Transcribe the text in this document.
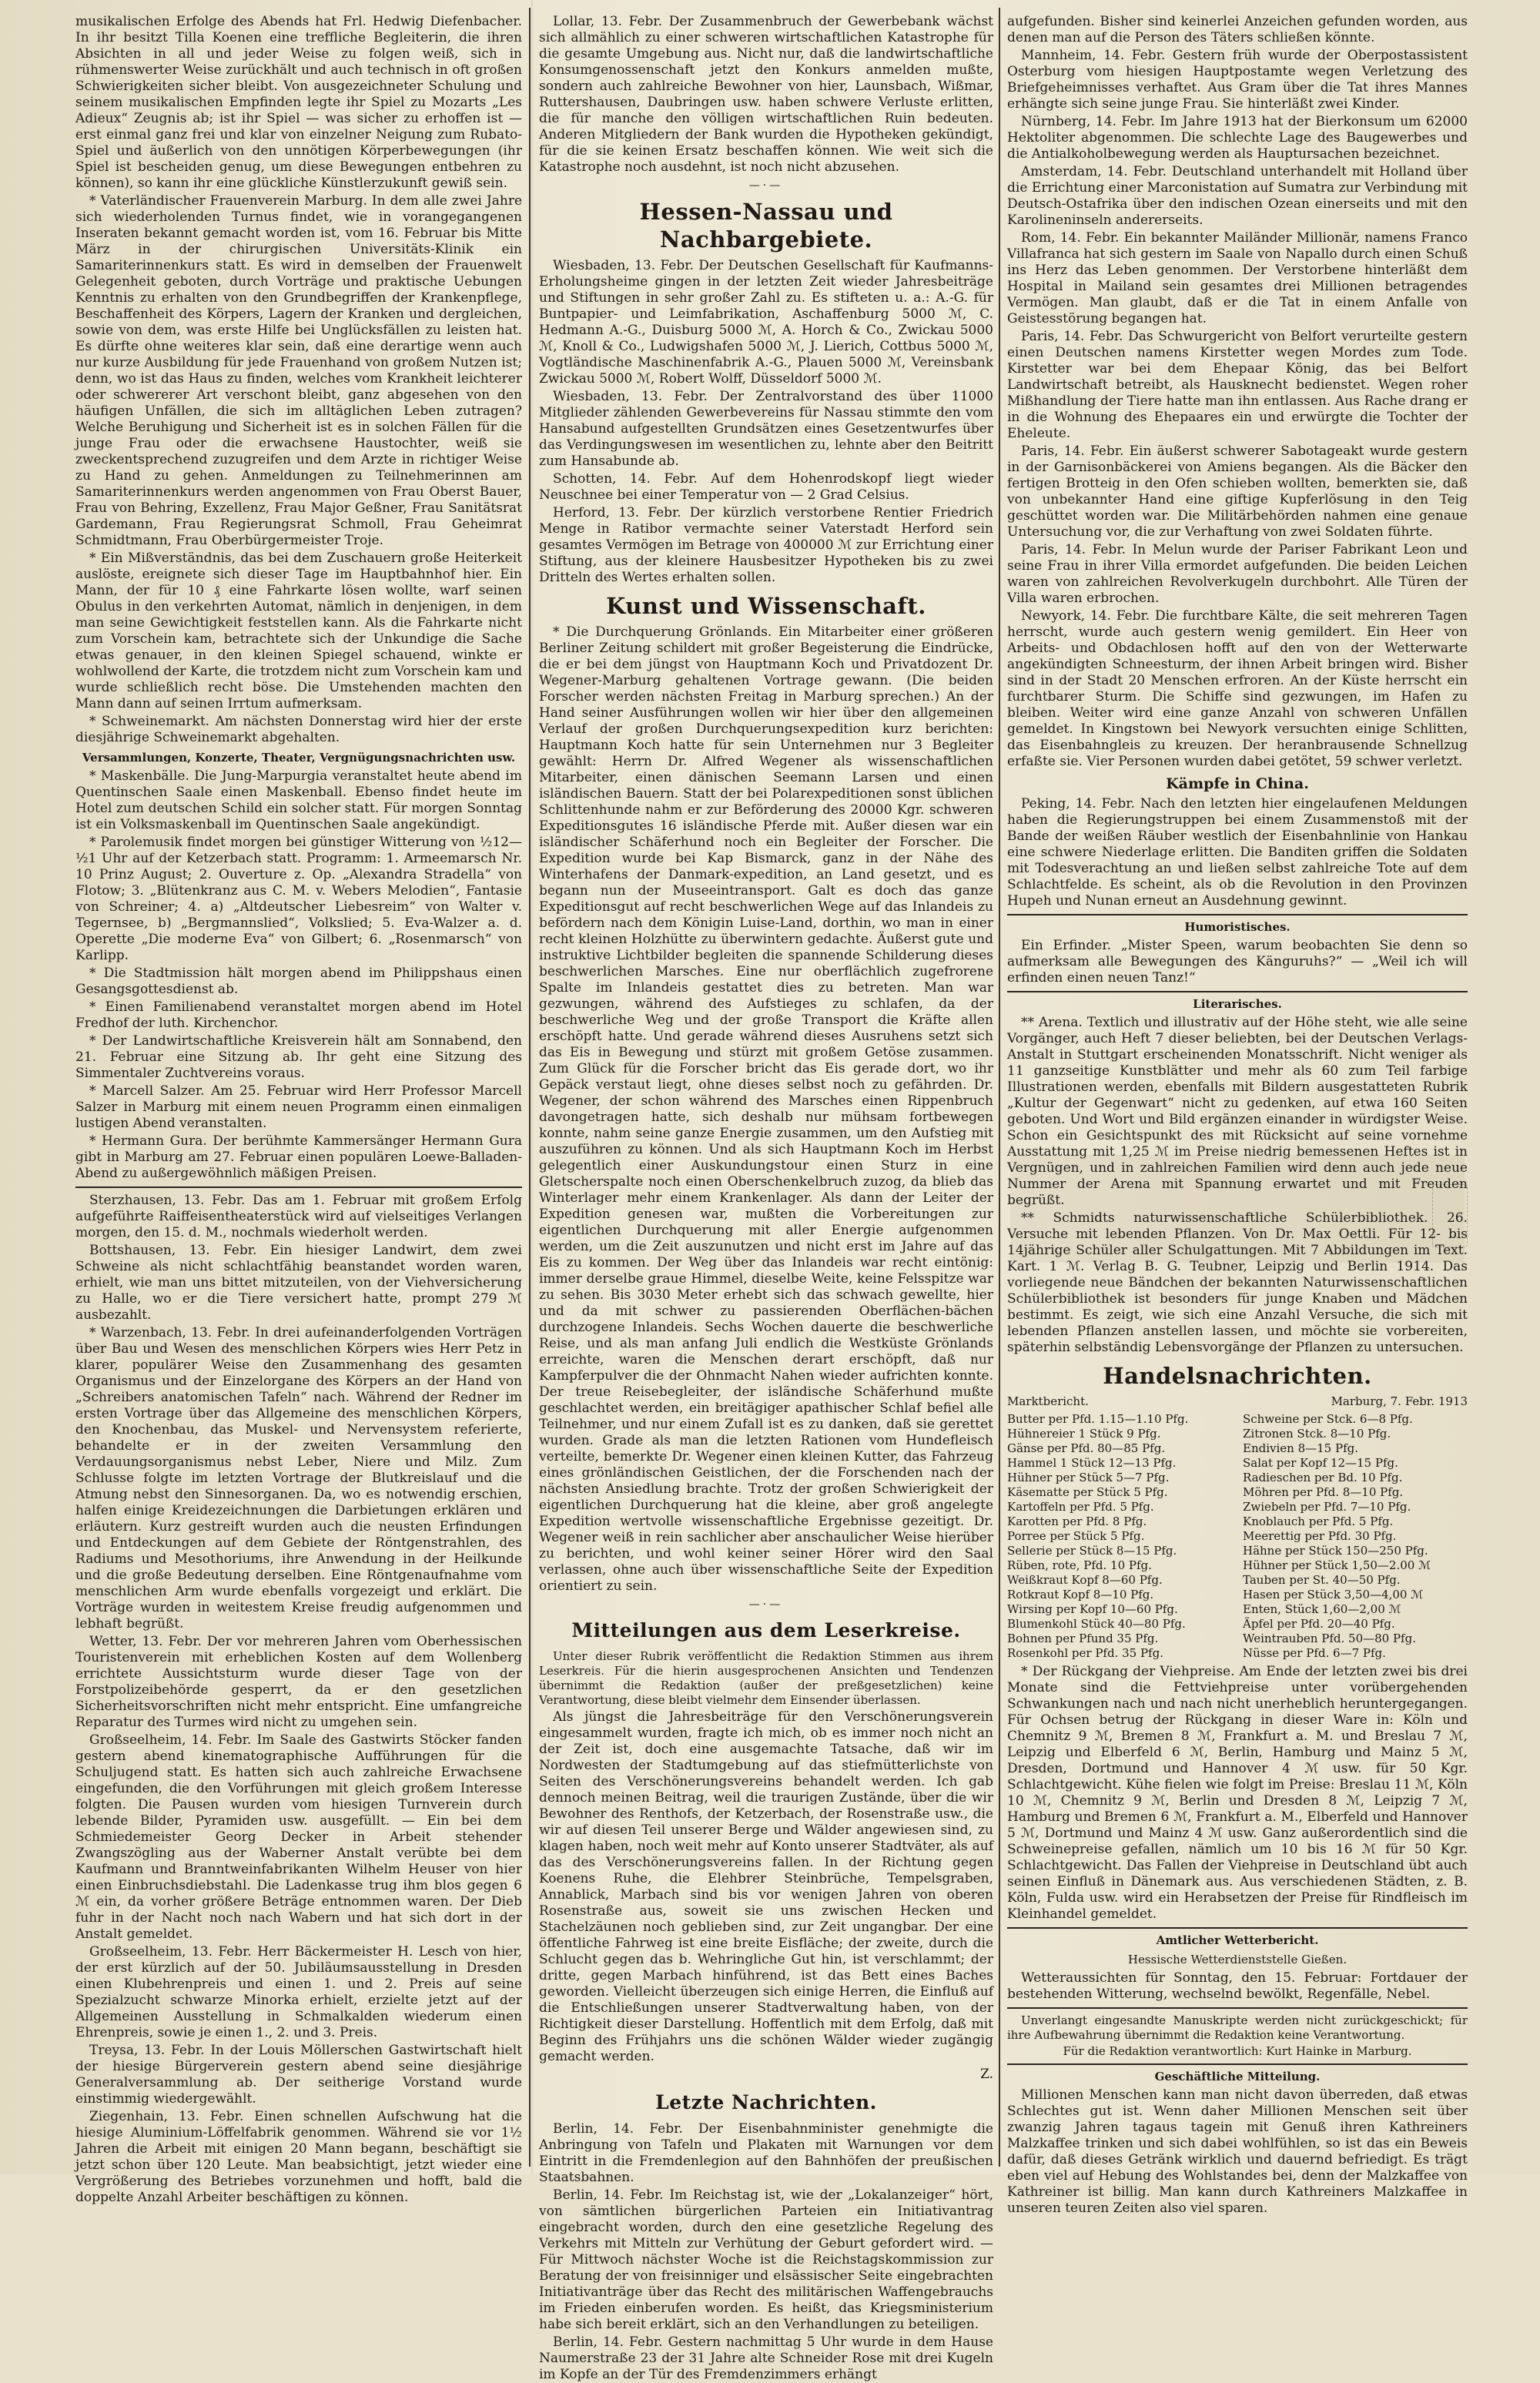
musikalischen Erfolge des Abends hat Frl. Hedwig Diefenbacher. In ihr besitzt Tilla Koenen eine treffliche Begleiterin, die ihren Absichten in all und jeder Weise zu folgen weiß, sich in rühmenswerter Weise zurückhält und auch technisch in oft großen Schwierigkeiten sicher bleibt. Von ausgezeichneter Schulung und seinem musikalischen Empfinden legte ihr Spiel zu Mozarts „Les Adieux“ Zeugnis ab; ist ihr Spiel — was sicher zu erhoffen ist — erst einmal ganz frei und klar von einzelner Neigung zum Rubato-Spiel und äußerlich von den unnötigen Körperbewegungen (ihr Spiel ist bescheiden genug, um diese Bewegungen entbehren zu können), so kann ihr eine glückliche Künstlerzukunft gewiß sein.

* Vaterländischer Frauenverein Marburg. In dem alle zwei Jahre sich wiederholenden Turnus findet, wie in vorangegangenen Inseraten bekannt gemacht worden ist, vom 16. Februar bis Mitte März in der chirurgischen Universitäts-Klinik ein Samariterinnenkurs statt. Es wird in demselben der Frauenwelt Gelegenheit geboten, durch Vorträge und praktische Uebungen Kenntnis zu erhalten von den Grundbegriffen der Krankenpflege, Beschaffenheit des Körpers, Lagern der Kranken und dergleichen, sowie von dem, was erste Hilfe bei Unglücksfällen zu leisten hat. Es dürfte ohne weiteres klar sein, daß eine derartige wenn auch nur kurze Ausbildung für jede Frauenhand von großem Nutzen ist; denn, wo ist das Haus zu finden, welches vom Krankheit leichterer oder schwererer Art verschont bleibt, ganz abgesehen von den häufigen Unfällen, die sich im alltäglichen Leben zutragen? Welche Beruhigung und Sicherheit ist es in solchen Fällen für die junge Frau oder die erwachsene Haustochter, weiß sie zweckentsprechend zuzugreifen und dem Arzte in richtiger Weise zu Hand zu gehen. Anmeldungen zu Teilnehmerinnen am Samariterinnenkurs werden angenommen von Frau Oberst Bauer, Frau von Behring, Exzellenz, Frau Major Geßner, Frau Sanitätsrat Gardemann, Frau Regierungsrat Schmoll, Frau Geheimrat Schmidtmann, Frau Oberbürgermeister Troje.

* Ein Mißverständnis, das bei dem Zuschauern große Heiterkeit auslöste, ereignete sich dieser Tage im Hauptbahnhof hier. Ein Mann, der für 10 ₰ eine Fahrkarte lösen wollte, warf seinen Obulus in den verkehrten Automat, nämlich in denjenigen, in dem man seine Gewichtigkeit feststellen kann. Als die Fahrkarte nicht zum Vorschein kam, betrachtete sich der Unkundige die Sache etwas genauer, in den kleinen Spiegel schauend, winkte er wohlwollend der Karte, die trotzdem nicht zum Vorschein kam und wurde schließlich recht böse. Die Umstehenden machten den Mann dann auf seinen Irrtum aufmerksam.

* Schweinemarkt. Am nächsten Donnerstag wird hier der erste diesjährige Schweinemarkt abgehalten.

Versammlungen, Konzerte, Theater, Vergnügungsnachrichten usw.

* Maskenbälle. Die Jung-Marpurgia veranstaltet heute abend im Quentinschen Saale einen Maskenball. Ebenso findet heute im Hotel zum deutschen Schild ein solcher statt. Für morgen Sonntag ist ein Volksmaskenball im Quentinschen Saale angekündigt.

* Parolemusik findet morgen bei günstiger Witterung von ½12—½1 Uhr auf der Ketzerbach statt. Programm: 1. Armeemarsch Nr. 10 Prinz August; 2. Ouverture z. Op. „Alexandra Stradella“ von Flotow; 3. „Blütenkranz aus C. M. v. Webers Melodien“, Fantasie von Schreiner; 4. a) „Altdeutscher Liebesreim“ von Walter v. Tegernsee, b) „Bergmannslied“, Volkslied; 5. Eva-Walzer a. d. Operette „Die moderne Eva“ von Gilbert; 6. „Rosenmarsch“ von Karlipp.

* Die Stadtmission hält morgen abend im Philippshaus einen Gesangsgottesdienst ab.

* Einen Familienabend veranstaltet morgen abend im Hotel Fredhof der luth. Kirchenchor.

* Der Landwirtschaftliche Kreisverein hält am Sonnabend, den 21. Februar eine Sitzung ab. Ihr geht eine Sitzung des Simmentaler Zuchtvereins voraus.

* Marcell Salzer. Am 25. Februar wird Herr Professor Marcell Salzer in Marburg mit einem neuen Programm einen einmaligen lustigen Abend veranstalten.

* Hermann Gura. Der berühmte Kammersänger Hermann Gura gibt in Marburg am 27. Februar einen populären Loewe-Balladen-Abend zu außergewöhnlich mäßigen Preisen.

Sterzhausen, 13. Febr. Das am 1. Februar mit großem Erfolg aufgeführte Raiffeisentheaterstück wird auf vielseitiges Verlangen morgen, den 15. d. M., nochmals wiederholt werden.

Bottshausen, 13. Febr. Ein hiesiger Landwirt, dem zwei Schweine als nicht schlachtfähig beanstandet worden waren, erhielt, wie man uns bittet mitzuteilen, von der Viehversicherung zu Halle, wo er die Tiere versichert hatte, prompt 279 ℳ ausbezahlt.

* Warzenbach, 13. Febr. In drei aufeinanderfolgenden Vorträgen über Bau und Wesen des menschlichen Körpers wies Herr Petz in klarer, populärer Weise den Zusammenhang des gesamten Organismus und der Einzelorgane des Körpers an der Hand von „Schreibers anatomischen Tafeln“ nach. Während der Redner im ersten Vortrage über das Allgemeine des menschlichen Körpers, den Knochenbau, das Muskel- und Nervensystem referierte, behandelte er in der zweiten Versammlung den Verdauungsorganismus nebst Leber, Niere und Milz. Zum Schlusse folgte im letzten Vortrage der Blutkreislauf und die Atmung nebst den Sinnesorganen. Da, wo es notwendig erschien, halfen einige Kreidezeichnungen die Darbietungen erklären und erläutern. Kurz gestreift wurden auch die neusten Erfindungen und Entdeckungen auf dem Gebiete der Röntgenstrahlen, des Radiums und Mesothoriums, ihre Anwendung in der Heilkunde und die große Bedeutung derselben. Eine Röntgenaufnahme vom menschlichen Arm wurde ebenfalls vorgezeigt und erklärt. Die Vorträge wurden in weitestem Kreise freudig aufgenommen und lebhaft begrüßt.

Wetter, 13. Febr. Der vor mehreren Jahren vom Oberhessischen Touristenverein mit erheblichen Kosten auf dem Wollenberg errichtete Aussichtsturm wurde dieser Tage von der Forstpolizeibehörde gesperrt, da er den gesetzlichen Sicherheitsvorschriften nicht mehr entspricht. Eine umfangreiche Reparatur des Turmes wird nicht zu umgehen sein.

Großseelheim, 14. Febr. Im Saale des Gastwirts Stöcker fanden gestern abend kinematographische Aufführungen für die Schuljugend statt. Es hatten sich auch zahlreiche Erwachsene eingefunden, die den Vorführungen mit gleich großem Interesse folgten. Die Pausen wurden vom hiesigen Turnverein durch lebende Bilder, Pyramiden usw. ausgefüllt. — Ein bei dem Schmiedemeister Georg Decker in Arbeit stehender Zwangszögling aus der Waberner Anstalt verübte bei dem Kaufmann und Branntweinfabrikanten Wilhelm Heuser von hier einen Einbruchsdiebstahl. Die Ladenkasse trug ihm blos gegen 6 ℳ ein, da vorher größere Beträge entnommen waren. Der Dieb fuhr in der Nacht noch nach Wabern und hat sich dort in der Anstalt gemeldet.

Großseelheim, 13. Febr. Herr Bäckermeister H. Lesch von hier, der erst kürzlich auf der 50. Jubiläumsausstellung in Dresden einen Klubehrenpreis und einen 1. und 2. Preis auf seine Spezialzucht schwarze Minorka erhielt, erzielte jetzt auf der Allgemeinen Ausstellung in Schmalkalden wiederum einen Ehrenpreis, sowie je einen 1., 2. und 3. Preis.

Treysa, 13. Febr. In der Louis Möllerschen Gastwirtschaft hielt der hiesige Bürgerverein gestern abend seine diesjährige Generalversammlung ab. Der seitherige Vorstand wurde einstimmig wiedergewählt.

Ziegenhain, 13. Febr. Einen schnellen Aufschwung hat die hiesige Aluminium-Löffelfabrik genommen. Während sie vor 1½ Jahren die Arbeit mit einigen 20 Mann begann, beschäftigt sie jetzt schon über 120 Leute. Man beabsichtigt, jetzt wieder eine Vergrößerung des Betriebes vorzunehmen und hofft, bald die doppelte Anzahl Arbeiter beschäftigen zu können.

Lollar, 13. Febr. Der Zusammenbruch der Gewerbebank wächst sich allmählich zu einer schweren wirtschaftlichen Katastrophe für die gesamte Umgebung aus. Nicht nur, daß die landwirtschaftliche Konsumgenossenschaft jetzt den Konkurs anmelden mußte, sondern auch zahlreiche Bewohner von hier, Launsbach, Wißmar, Ruttershausen, Daubringen usw. haben schwere Verluste erlitten, die für manche den völligen wirtschaftlichen Ruin bedeuten. Anderen Mitgliedern der Bank wurden die Hypotheken gekündigt, für die sie keinen Ersatz beschaffen können. Wie weit sich die Katastrophe noch ausdehnt, ist noch nicht abzusehen.

—·—
Hessen-Nassau und Nachbargebiete.

Wiesbaden, 13. Febr. Der Deutschen Gesellschaft für Kaufmanns-Erholungsheime gingen in der letzten Zeit wieder Jahresbeiträge und Stiftungen in sehr großer Zahl zu. Es stifteten u. a.: A.-G. für Buntpapier- und Leimfabrikation, Aschaffenburg 5000 ℳ, C. Hedmann A.-G., Duisburg 5000 ℳ, A. Horch & Co., Zwickau 5000 ℳ, Knoll & Co., Ludwigshafen 5000 ℳ, J. Lierich, Cottbus 5000 ℳ, Vogtländische Maschinenfabrik A.-G., Plauen 5000 ℳ, Vereinsbank Zwickau 5000 ℳ, Robert Wolff, Düsseldorf 5000 ℳ.

Wiesbaden, 13. Febr. Der Zentralvorstand des über 11000 Mitglieder zählenden Gewerbevereins für Nassau stimmte den vom Hansabund aufgestellten Grundsätzen eines Gesetzentwurfes über das Verdingungswesen im wesentlichen zu, lehnte aber den Beitritt zum Hansabunde ab.

Schotten, 14. Febr. Auf dem Hohenrodskopf liegt wieder Neuschnee bei einer Temperatur von — 2 Grad Celsius.

Herford, 13. Febr. Der kürzlich verstorbene Rentier Friedrich Menge in Ratibor vermachte seiner Vaterstadt Herford sein gesamtes Vermögen im Betrage von 400000 ℳ zur Errichtung einer Stiftung, aus der kleinere Hausbesitzer Hypotheken bis zu zwei Dritteln des Wertes erhalten sollen.

Kunst und Wissenschaft.

* Die Durchquerung Grönlands. Ein Mitarbeiter einer größeren Berliner Zeitung schildert mit großer Begeisterung die Eindrücke, die er bei dem jüngst von Hauptmann Koch und Privatdozent Dr. Wegener-Marburg gehaltenen Vortrage gewann. (Die beiden Forscher werden nächsten Freitag in Marburg sprechen.) An der Hand seiner Ausführungen wollen wir hier über den allgemeinen Verlauf der großen Durchquerungsexpedition kurz berichten: Hauptmann Koch hatte für sein Unternehmen nur 3 Begleiter gewählt: Herrn Dr. Alfred Wegener als wissenschaftlichen Mitarbeiter, einen dänischen Seemann Larsen und einen isländischen Bauern. Statt der bei Polarexpeditionen sonst üblichen Schlittenhunde nahm er zur Beförderung des 20000 Kgr. schweren Expeditionsgutes 16 isländische Pferde mit. Außer diesen war ein isländischer Schäferhund noch ein Begleiter der Forscher. Die Expedition wurde bei Kap Bismarck, ganz in der Nähe des Winterhafens der Danmark-expedition, an Land gesetzt, und es begann nun der Museeintransport. Galt es doch das ganze Expeditionsgut auf recht beschwerlichen Wege auf das Inlandeis zu befördern nach dem Königin Luise-Land, dorthin, wo man in einer recht kleinen Holzhütte zu überwintern gedachte. Äußerst gute und instruktive Lichtbilder begleiten die spannende Schilderung dieses beschwerlichen Marsches. Eine nur oberflächlich zugefrorene Spalte im Inlandeis gestattet dies zu betreten. Man war gezwungen, während des Aufstieges zu schlafen, da der beschwerliche Weg und der große Transport die Kräfte allen erschöpft hatte. Und gerade während dieses Ausruhens setzt sich das Eis in Bewegung und stürzt mit großem Getöse zusammen. Zum Glück für die Forscher bricht das Eis gerade dort, wo ihr Gepäck verstaut liegt, ohne dieses selbst noch zu gefährden. Dr. Wegener, der schon während des Marsches einen Rippenbruch davongetragen hatte, sich deshalb nur mühsam fortbewegen konnte, nahm seine ganze Energie zusammen, um den Aufstieg mit auszuführen zu können. Und als sich Hauptmann Koch im Herbst gelegentlich einer Auskundungstour einen Sturz in eine Gletscherspalte noch einen Oberschenkelbruch zuzog, da blieb das Winterlager mehr einem Krankenlager. Als dann der Leiter der Expedition genesen war, mußten die Vorbereitungen zur eigentlichen Durchquerung mit aller Energie aufgenommen werden, um die Zeit auszunutzen und nicht erst im Jahre auf das Eis zu kommen. Der Weg über das Inlandeis war recht eintönig: immer derselbe graue Himmel, dieselbe Weite, keine Felsspitze war zu sehen. Bis 3030 Meter erhebt sich das schwach gewellte, hier und da mit schwer zu passierenden Oberflächen-bächen durchzogene Inlandeis. Sechs Wochen dauerte die beschwerliche Reise, und als man anfang Juli endlich die Westküste Grönlands erreichte, waren die Menschen derart erschöpft, daß nur Kampferpulver die der Ohnmacht Nahen wieder aufrichten konnte. Der treue Reisebegleiter, der isländische Schäferhund mußte geschlachtet werden, ein breitägiger apathischer Schlaf befiel alle Teilnehmer, und nur einem Zufall ist es zu danken, daß sie gerettet wurden. Grade als man die letzten Rationen vom Hundefleisch verteilte, bemerkte Dr. Wegener einen kleinen Kutter, das Fahrzeug eines grönländischen Geistlichen, der die Forschenden nach der nächsten Ansiedlung brachte. Trotz der großen Schwierigkeit der eigentlichen Durchquerung hat die kleine, aber groß angelegte Expedition wertvolle wissenschaftliche Ergebnisse gezeitigt. Dr. Wegener weiß in rein sachlicher aber anschaulicher Weise hierüber zu berichten, und wohl keiner seiner Hörer wird den Saal verlassen, ohne auch über wissenschaftliche Seite der Expedition orientiert zu sein.

—·—
Mitteilungen aus dem Leserkreise.

Unter dieser Rubrik veröffentlicht die Redaktion Stimmen aus ihrem Leserkreis. Für die hierin ausgesprochenen Ansichten und Tendenzen übernimmt die Redaktion (außer der preßgesetzlichen) keine Verantwortung, diese bleibt vielmehr dem Einsender überlassen.

Als jüngst die Jahresbeiträge für den Verschönerungsverein eingesammelt wurden, fragte ich mich, ob es immer noch nicht an der Zeit ist, doch eine ausgemachte Tatsache, daß wir im Nordwesten der Stadtumgebung auf das stiefmütterlichste von Seiten des Verschönerungsvereins behandelt werden. Ich gab dennoch meinen Beitrag, weil die traurigen Zustände, über die wir Bewohner des Renthofs, der Ketzerbach, der Rosenstraße usw., die wir auf diesen Teil unserer Berge und Wälder angewiesen sind, zu klagen haben, noch weit mehr auf Konto unserer Stadtväter, als auf das des Verschönerungsvereins fallen. In der Richtung gegen Koenens Ruhe, die Elehbrer Steinbrüche, Tempelsgraben, Annablick, Marbach sind bis vor wenigen Jahren von oberen Rosenstraße aus, soweit sie uns zwischen Hecken und Stachelzäunen noch geblieben sind, zur Zeit ungangbar. Der eine öffentliche Fahrweg ist eine breite Eisfläche; der zweite, durch die Schlucht gegen das b. Wehringliche Gut hin, ist verschlammt; der dritte, gegen Marbach hinführend, ist das Bett eines Baches geworden. Vielleicht überzeugen sich einige Herren, die Einfluß auf die Entschließungen unserer Stadtverwaltung haben, von der Richtigkeit dieser Darstellung. Hoffentlich mit dem Erfolg, daß mit Beginn des Frühjahrs uns die schönen Wälder wieder zugängig gemacht werden.

Z.
Letzte Nachrichten.

Berlin, 14. Febr. Der Eisenbahnminister genehmigte die Anbringung von Tafeln und Plakaten mit Warnungen vor dem Eintritt in die Fremdenlegion auf den Bahnhöfen der preußischen Staatsbahnen.

Berlin, 14. Febr. Im Reichstag ist, wie der „Lokalanzeiger“ hört, von sämtlichen bürgerlichen Parteien ein Initiativantrag eingebracht worden, durch den eine gesetzliche Regelung des Verkehrs mit Mitteln zur Verhütung der Geburt gefordert wird. — Für Mittwoch nächster Woche ist die Reichstagskommission zur Beratung der von freisinniger und elsässischer Seite eingebrachten Initiativanträge über das Recht des militärischen Waffengebrauchs im Frieden einberufen worden. Es heißt, das Kriegsministerium habe sich bereit erklärt, sich an den Verhandlungen zu beteiligen.

Berlin, 14. Febr. Gestern nachmittag 5 Uhr wurde in dem Hause Naumerstraße 23 der 31 Jahre alte Schneider Rose mit drei Kugeln im Kopfe an der Tür des Fremdenzimmers erhängt

aufgefunden. Bisher sind keinerlei Anzeichen gefunden worden, aus denen man auf die Person des Täters schließen könnte.

Mannheim, 14. Febr. Gestern früh wurde der Oberpostassistent Osterburg vom hiesigen Hauptpostamte wegen Verletzung des Briefgeheimnisses verhaftet. Aus Gram über die Tat ihres Mannes erhängte sich seine junge Frau. Sie hinterläßt zwei Kinder.

Nürnberg, 14. Febr. Im Jahre 1913 hat der Bierkonsum um 62000 Hektoliter abgenommen. Die schlechte Lage des Baugewerbes und die Antialkoholbewegung werden als Hauptursachen bezeichnet.

Amsterdam, 14. Febr. Deutschland unterhandelt mit Holland über die Errichtung einer Marconistation auf Sumatra zur Verbindung mit Deutsch-Ostafrika über den indischen Ozean einerseits und mit den Karolineninseln andererseits.

Rom, 14. Febr. Ein bekannter Mailänder Millionär, namens Franco Villafranca hat sich gestern im Saale von Napallo durch einen Schuß ins Herz das Leben genommen. Der Verstorbene hinterläßt dem Hospital in Mailand sein gesamtes drei Millionen betragendes Vermögen. Man glaubt, daß er die Tat in einem Anfalle von Geistesstörung begangen hat.

Paris, 14. Febr. Das Schwurgericht von Belfort verurteilte gestern einen Deutschen namens Kirstetter wegen Mordes zum Tode. Kirstetter war bei dem Ehepaar König, das bei Belfort Landwirtschaft betreibt, als Hausknecht bedienstet. Wegen roher Mißhandlung der Tiere hatte man ihn entlassen. Aus Rache drang er in die Wohnung des Ehepaares ein und erwürgte die Tochter der Eheleute.

Paris, 14. Febr. Ein äußerst schwerer Sabotageakt wurde gestern in der Garnisonbäckerei von Amiens begangen. Als die Bäcker den fertigen Brotteig in den Ofen schieben wollten, bemerkten sie, daß von unbekannter Hand eine giftige Kupferlösung in den Teig geschüttet worden war. Die Militärbehörden nahmen eine genaue Untersuchung vor, die zur Verhaftung von zwei Soldaten führte.

Paris, 14. Febr. In Melun wurde der Pariser Fabrikant Leon und seine Frau in ihrer Villa ermordet aufgefunden. Die beiden Leichen waren von zahlreichen Revolverkugeln durchbohrt. Alle Türen der Villa waren erbrochen.

Newyork, 14. Febr. Die furchtbare Kälte, die seit mehreren Tagen herrscht, wurde auch gestern wenig gemildert. Ein Heer von Arbeits- und Obdachlosen hofft auf den von der Wetterwarte angekündigten Schneesturm, der ihnen Arbeit bringen wird. Bisher sind in der Stadt 20 Menschen erfroren. An der Küste herrscht ein furchtbarer Sturm. Die Schiffe sind gezwungen, im Hafen zu bleiben. Weiter wird eine ganze Anzahl von schweren Unfällen gemeldet. In Kingstown bei Newyork versuchten einige Schlitten, das Eisenbahngleis zu kreuzen. Der heranbrausende Schnellzug erfaßte sie. Vier Personen wurden dabei getötet, 59 schwer verletzt.

Kämpfe in China.

Peking, 14. Febr. Nach den letzten hier eingelaufenen Meldungen haben die Regierungstruppen bei einem Zusammenstoß mit der Bande der weißen Räuber westlich der Eisenbahnlinie von Hankau eine schwere Niederlage erlitten. Die Banditen griffen die Soldaten mit Todesverachtung an und ließen selbst zahlreiche Tote auf dem Schlachtfelde. Es scheint, als ob die Revolution in den Provinzen Hupeh und Nunan erneut an Ausdehnung gewinnt.

Humoristisches.

Ein Erfinder. „Mister Speen, warum beobachten Sie denn so aufmerksam alle Bewegungen des Känguruhs?“ — „Weil ich will erfinden einen neuen Tanz!“

Literarisches.

** Arena. Textlich und illustrativ auf der Höhe steht, wie alle seine Vorgänger, auch Heft 7 dieser beliebten, bei der Deutschen Verlags-Anstalt in Stuttgart erscheinenden Monatsschrift. Nicht weniger als 11 ganzseitige Kunstblätter und mehr als 60 zum Teil farbige Illustrationen werden, ebenfalls mit Bildern ausgestatteten Rubrik „Kultur der Gegenwart“ nicht zu gedenken, auf etwa 160 Seiten geboten. Und Wort und Bild ergänzen einander in würdigster Weise. Schon ein Gesichtspunkt des mit Rücksicht auf seine vornehme Ausstattung mit 1,25 ℳ im Preise niedrig bemessenen Heftes ist in Vergnügen, und in zahlreichen Familien wird denn auch jede neue Nummer der Arena mit Spannung erwartet und mit Freuden begrüßt.

** Schmidts naturwissenschaftliche Schülerbibliothek. 26. Versuche mit lebenden Pflanzen. Von Dr. Max Oettli. Für 12- bis 14jährige Schüler aller Schulgattungen. Mit 7 Abbildungen im Text. Kart. 1 ℳ. Verlag B. G. Teubner, Leipzig und Berlin 1914. Das vorliegende neue Bändchen der bekannten Naturwissenschaftlichen Schülerbibliothek ist besonders für junge Knaben und Mädchen bestimmt. Es zeigt, wie sich eine Anzahl Versuche, die sich mit lebenden Pflanzen anstellen lassen, und möchte sie vorbereiten, späterhin selbständig Lebensvorgänge der Pflanzen zu untersuchen.

Handelsnachrichten.
Marktbericht.	Marburg, 7. Febr. 1913
Butter per Pfd. 1.15—1.10 Pfg.
Hühnereier 1 Stück 9 Pfg.
Gänse per Pfd. 80—85 Pfg.
Hammel 1 Stück 12—13 Pfg.
Hühner per Stück 5—7 Pfg.
Käsematte per Stück 5 Pfg.
Kartoffeln per Pfd. 5 Pfg.
Karotten per Pfd. 8 Pfg.
Porree per Stück 5 Pfg.
Sellerie per Stück 8—15 Pfg.
Rüben, rote, Pfd. 10 Pfg.
Weißkraut Kopf 8—60 Pfg.
Rotkraut Kopf 8—10 Pfg.
Wirsing per Kopf 10—60 Pfg.
Blumenkohl Stück 40—80 Pfg.
Bohnen per Pfund 35 Pfg.
Rosenkohl per Pfd. 35 Pfg.
Schweine per Stck. 6—8 Pfg.
Zitronen Stck. 8—10 Pfg.
Endivien 8—15 Pfg.
Salat per Kopf 12—15 Pfg.
Radieschen per Bd. 10 Pfg.
Möhren per Pfd. 8—10 Pfg.
Zwiebeln per Pfd. 7—10 Pfg.
Knoblauch per Pfd. 5 Pfg.
Meerettig per Pfd. 30 Pfg.
Hähne per Stück 150—250 Pfg.
Hühner per Stück 1,50—2.00 ℳ
Tauben per St. 40—50 Pfg.
Hasen per Stück 3,50—4,00 ℳ
Enten, Stück 1,60—2,00 ℳ
Äpfel per Pfd. 20—40 Pfg.
Weintrauben Pfd. 50—80 Pfg.
Nüsse per Pfd. 6—7 Pfg.

* Der Rückgang der Viehpreise. Am Ende der letzten zwei bis drei Monate sind die Fettviehpreise unter vorübergehenden Schwankungen nach und nach nicht unerheblich heruntergegangen. Für Ochsen betrug der Rückgang in dieser Ware in: Köln und Chemnitz 9 ℳ, Bremen 8 ℳ, Frankfurt a. M. und Breslau 7 ℳ, Leipzig und Elberfeld 6 ℳ, Berlin, Hamburg und Mainz 5 ℳ, Dresden, Dortmund und Hannover 4 ℳ usw. für 50 Kgr. Schlachtgewicht. Kühe fielen wie folgt im Preise: Breslau 11 ℳ, Köln 10 ℳ, Chemnitz 9 ℳ, Berlin und Dresden 8 ℳ, Leipzig 7 ℳ, Hamburg und Bremen 6 ℳ, Frankfurt a. M., Elberfeld und Hannover 5 ℳ, Dortmund und Mainz 4 ℳ usw. Ganz außerordentlich sind die Schweinepreise gefallen, nämlich um 10 bis 16 ℳ für 50 Kgr. Schlachtgewicht. Das Fallen der Viehpreise in Deutschland übt auch seinen Einfluß in Dänemark aus. Aus verschiedenen Städten, z. B. Köln, Fulda usw. wird ein Herabsetzen der Preise für Rindfleisch im Kleinhandel gemeldet.

Amtlicher Wetterbericht.
Hessische Wetterdienststelle Gießen.

Wetteraussichten für Sonntag, den 15. Februar: Fortdauer der bestehenden Witterung, wechselnd bewölkt, Regenfälle, Nebel.

Unverlangt eingesandte Manuskripte werden nicht zurückgeschickt; für ihre Aufbewahrung übernimmt die Redaktion keine Verantwortung.

Für die Redaktion verantwortlich: Kurt Hainke in Marburg.

Geschäftliche Mitteilung.

Millionen Menschen kann man nicht davon überreden, daß etwas Schlechtes gut ist. Wenn daher Millionen Menschen seit über zwanzig Jahren tagaus tagein mit Genuß ihren Kathreiners Malzkaffee trinken und sich dabei wohlfühlen, so ist das ein Beweis dafür, daß dieses Getränk wirklich und dauernd befriedigt. Es trägt eben viel auf Hebung des Wohlstandes bei, denn der Malzkaffee von Kathreiner ist billig. Man kann durch Kathreiners Malzkaffee in unseren teuren Zeiten also viel sparen.
